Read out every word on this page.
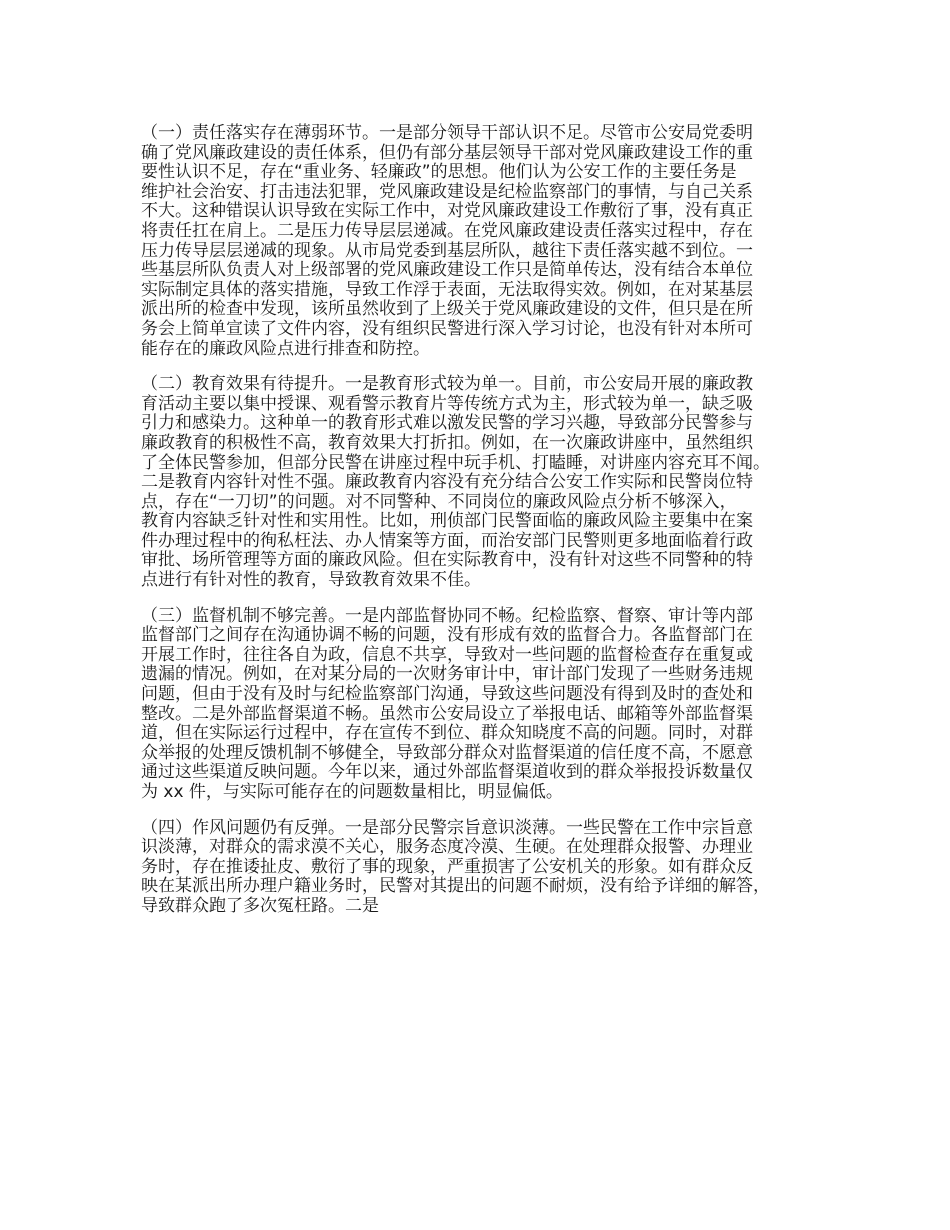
（一）责任落实存在薄弱环节。一是部分领导干部认识不足。尽管市公安局党委明
确了党风廉政建设的责任体系，但仍有部分基层领导干部对党风廉政建设工作的重
要性认识不足，存在“重业务、轻廉政”的思想。他们认为公安工作的主要任务是
维护社会治安、打击违法犯罪，党风廉政建设是纪检监察部门的事情，与自己关系
不大。这种错误认识导致在实际工作中，对党风廉政建设工作敷衍了事，没有真正
将责任扛在肩上。二是压力传导层层递减。在党风廉政建设责任落实过程中，存在
压力传导层层递减的现象。从市局党委到基层所队，越往下责任落实越不到位。一
些基层所队负责人对上级部署的党风廉政建设工作只是简单传达，没有结合本单位
实际制定具体的落实措施，导致工作浮于表面，无法取得实效。例如，在对某基层
派出所的检查中发现，该所虽然收到了上级关于党风廉政建设的文件，但只是在所
务会上简单宣读了文件内容，没有组织民警进行深入学习讨论，也没有针对本所可
能存在的廉政风险点进行排查和防控。
（二）教育效果有待提升。一是教育形式较为单一。目前，市公安局开展的廉政教
育活动主要以集中授课、观看警示教育片等传统方式为主，形式较为单一，缺乏吸
引力和感染力。这种单一的教育形式难以激发民警的学习兴趣，导致部分民警参与
廉政教育的积极性不高，教育效果大打折扣。例如，在一次廉政讲座中，虽然组织
了全体民警参加，但部分民警在讲座过程中玩手机、打瞌睡，对讲座内容充耳不闻。
二是教育内容针对性不强。廉政教育内容没有充分结合公安工作实际和民警岗位特
点，存在“一刀切”的问题。对不同警种、不同岗位的廉政风险点分析不够深入，
教育内容缺乏针对性和实用性。比如，刑侦部门民警面临的廉政风险主要集中在案
件办理过程中的徇私枉法、办人情案等方面，而治安部门民警则更多地面临着行政
审批、场所管理等方面的廉政风险。但在实际教育中，没有针对这些不同警种的特
点进行有针对性的教育，导致教育效果不佳。
（三）监督机制不够完善。一是内部监督协同不畅。纪检监察、督察、审计等内部
监督部门之间存在沟通协调不畅的问题，没有形成有效的监督合力。各监督部门在
开展工作时，往往各自为政，信息不共享，导致对一些问题的监督检查存在重复或
遗漏的情况。例如，在对某分局的一次财务审计中，审计部门发现了一些财务违规
问题，但由于没有及时与纪检监察部门沟通，导致这些问题没有得到及时的查处和
整改。二是外部监督渠道不畅。虽然市公安局设立了举报电话、邮箱等外部监督渠
道，但在实际运行过程中，存在宣传不到位、群众知晓度不高的问题。同时，对群
众举报的处理反馈机制不够健全，导致部分群众对监督渠道的信任度不高，不愿意
通过这些渠道反映问题。今年以来，通过外部监督渠道收到的群众举报投诉数量仅
为 xx 件，与实际可能存在的问题数量相比，明显偏低。
（四）作风问题仍有反弹。一是部分民警宗旨意识淡薄。一些民警在工作中宗旨意
识淡薄，对群众的需求漠不关心，服务态度冷漠、生硬。在处理群众报警、办理业
务时，存在推诿扯皮、敷衍了事的现象，严重损害了公安机关的形象。如有群众反
映在某派出所办理户籍业务时，民警对其提出的问题不耐烦，没有给予详细的解答，
导致群众跑了多次冤枉路。二是
